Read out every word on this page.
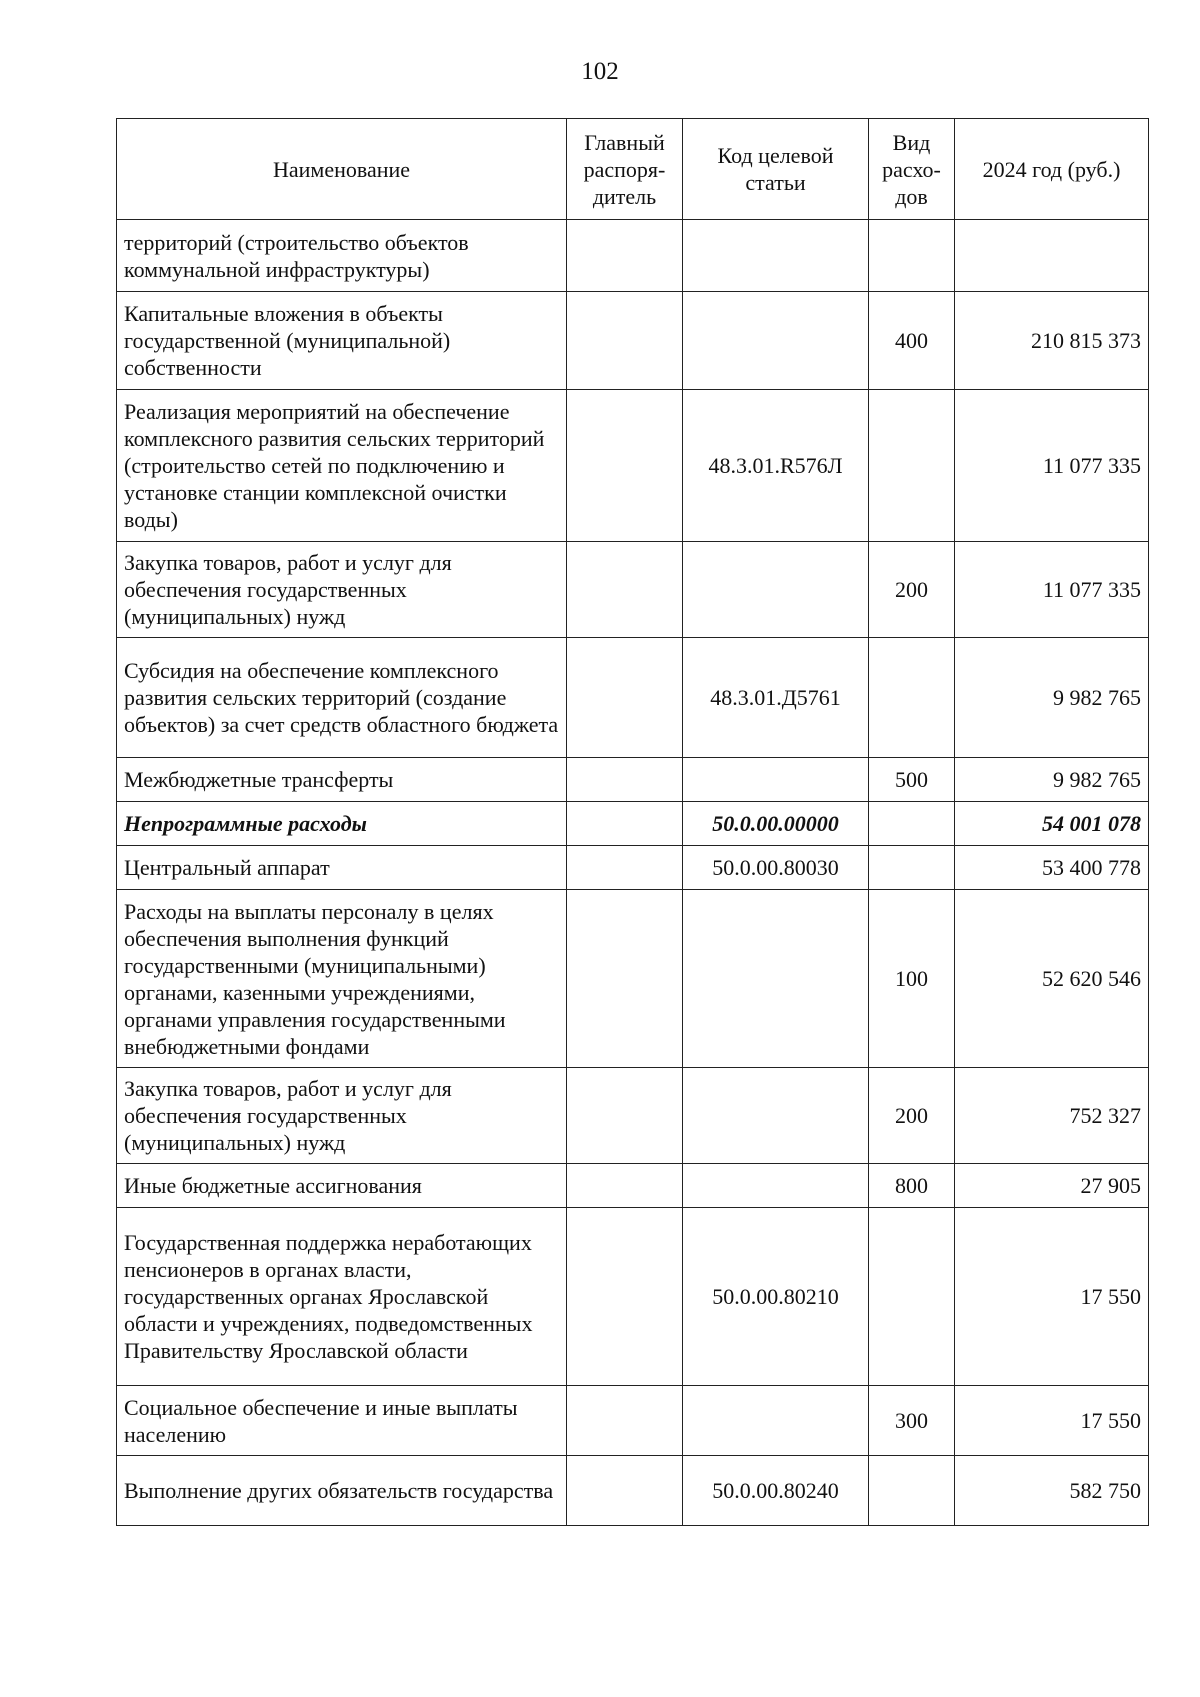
102
Наименование	Главный распоря-дитель	Код целевой статьи	Вид расхо-дов	2024 год (руб.)
территорий (строительство объектов коммунальной инфраструктуры)				
Капитальные вложения в объекты государственной (муниципальной) собственности			400	210 815 373
Реализация мероприятий на обеспечение комплексного развития сельских территорий (строительство сетей по подключению и установке станции комплексной очистки воды)		48.3.01.R576Л		11 077 335
Закупка товаров, работ и услуг для обеспечения государственных (муниципальных) нужд			200	11 077 335
Субсидия на обеспечение комплексного развития сельских территорий (создание объектов) за счет средств областного бюджета		48.3.01.Д5761		9 982 765
Межбюджетные трансферты			500	9 982 765
Непрограммные расходы		50.0.00.00000		54 001 078
Центральный аппарат		50.0.00.80030		53 400 778
Расходы на выплаты персоналу в целях обеспечения выполнения функций государственными (муниципальными) органами, казенными учреждениями, органами управления государственными внебюджетными фондами			100	52 620 546
Закупка товаров, работ и услуг для обеспечения государственных (муниципальных) нужд			200	752 327
Иные бюджетные ассигнования			800	27 905
Государственная поддержка неработающих пенсионеров в органах власти, государственных органах Ярославской области и учреждениях, подведомственных Правительству Ярославской области		50.0.00.80210		17 550
Социальное обеспечение и иные выплаты населению			300	17 550
Выполнение других обязательств государства		50.0.00.80240		582 750
